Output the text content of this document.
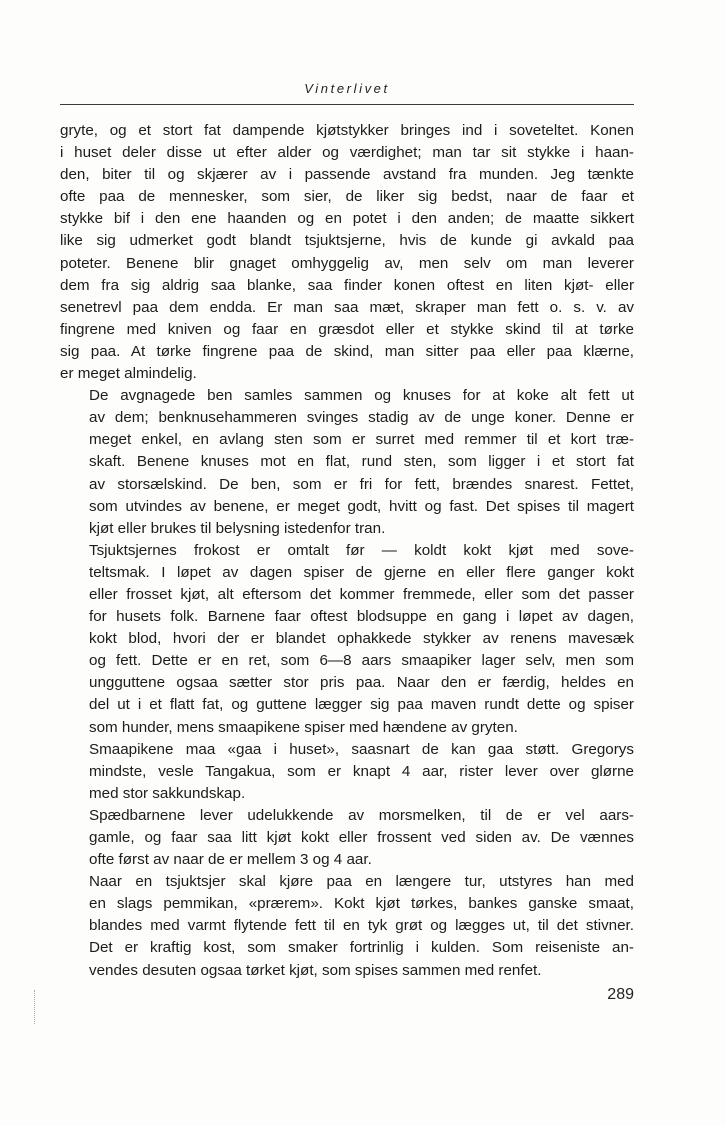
Vinterlivet

gryte, og et stort fat dampende kjøtstykker bringes ind i soveteltet. Konen
i huset deler disse ut efter alder og værdighet; man tar sit stykke i haan-
den, biter til og skjærer av i passende avstand fra munden. Jeg tænkte
ofte paa de mennesker, som sier, de liker sig bedst, naar de faar et
stykke bif i den ene haanden og en potet i den anden; de maatte sikkert
like sig udmerket godt blandt tsjuktsjerne, hvis de kunde gi avkald paa
poteter. Benene blir gnaget omhyggelig av, men selv om man leverer
dem fra sig aldrig saa blanke, saa finder konen oftest en liten kjøt- eller
senetrevl paa dem endda. Er man saa mæt, skraper man fett o. s. v. av
fingrene med kniven og faar en græsdot eller et stykke skind til at tørke
sig paa. At tørke fingrene paa de skind, man sitter paa eller paa klærne,
er meget almindelig.

De avgnagede ben samles sammen og knuses for at koke alt fett ut
av dem; benknusehammeren svinges stadig av de unge koner. Denne er
meget enkel, en avlang sten som er surret med remmer til et kort træ-
skaft. Benene knuses mot en flat, rund sten, som ligger i et stort fat
av storsælskind. De ben, som er fri for fett, brændes snarest. Fettet,
som utvindes av benene, er meget godt, hvitt og fast. Det spises til magert
kjøt eller brukes til belysning istedenfor tran.

Tsjuktsjernes frokost er omtalt før — koldt kokt kjøt med sove-
teltsmak. I løpet av dagen spiser de gjerne en eller flere ganger kokt
eller frosset kjøt, alt eftersom det kommer fremmede, eller som det passer
for husets folk. Barnene faar oftest blodsuppe en gang i løpet av dagen,
kokt blod, hvori der er blandet ophakkede stykker av renens mavesæk
og fett. Dette er en ret, som 6—8 aars smaapiker lager selv, men som
ungguttene ogsaa sætter stor pris paa. Naar den er færdig, heldes en
del ut i et flatt fat, og guttene lægger sig paa maven rundt dette og spiser
som hunder, mens smaapikene spiser med hændene av gryten.

Smaapikene maa «gaa i huset», saasnart de kan gaa støtt. Gregorys
mindste, vesle Tangakua, som er knapt 4 aar, rister lever over glørne
med stor sakkundskap.

Spædbarnene lever udelukkende av morsmelken, til de er vel aars-
gamle, og faar saa litt kjøt kokt eller frossent ved siden av. De vænnes
ofte først av naar de er mellem 3 og 4 aar.

Naar en tsjuktsjer skal kjøre paa en længere tur, utstyres han med
en slags pemmikan, «prærem». Kokt kjøt tørkes, bankes ganske smaat,
blandes med varmt flytende fett til en tyk grøt og lægges ut, til det stivner.
Det er kraftig kost, som smaker fortrinlig i kulden. Som reiseniste an-
vendes desuten ogsaa tørket kjøt, som spises sammen med renfet.

289
